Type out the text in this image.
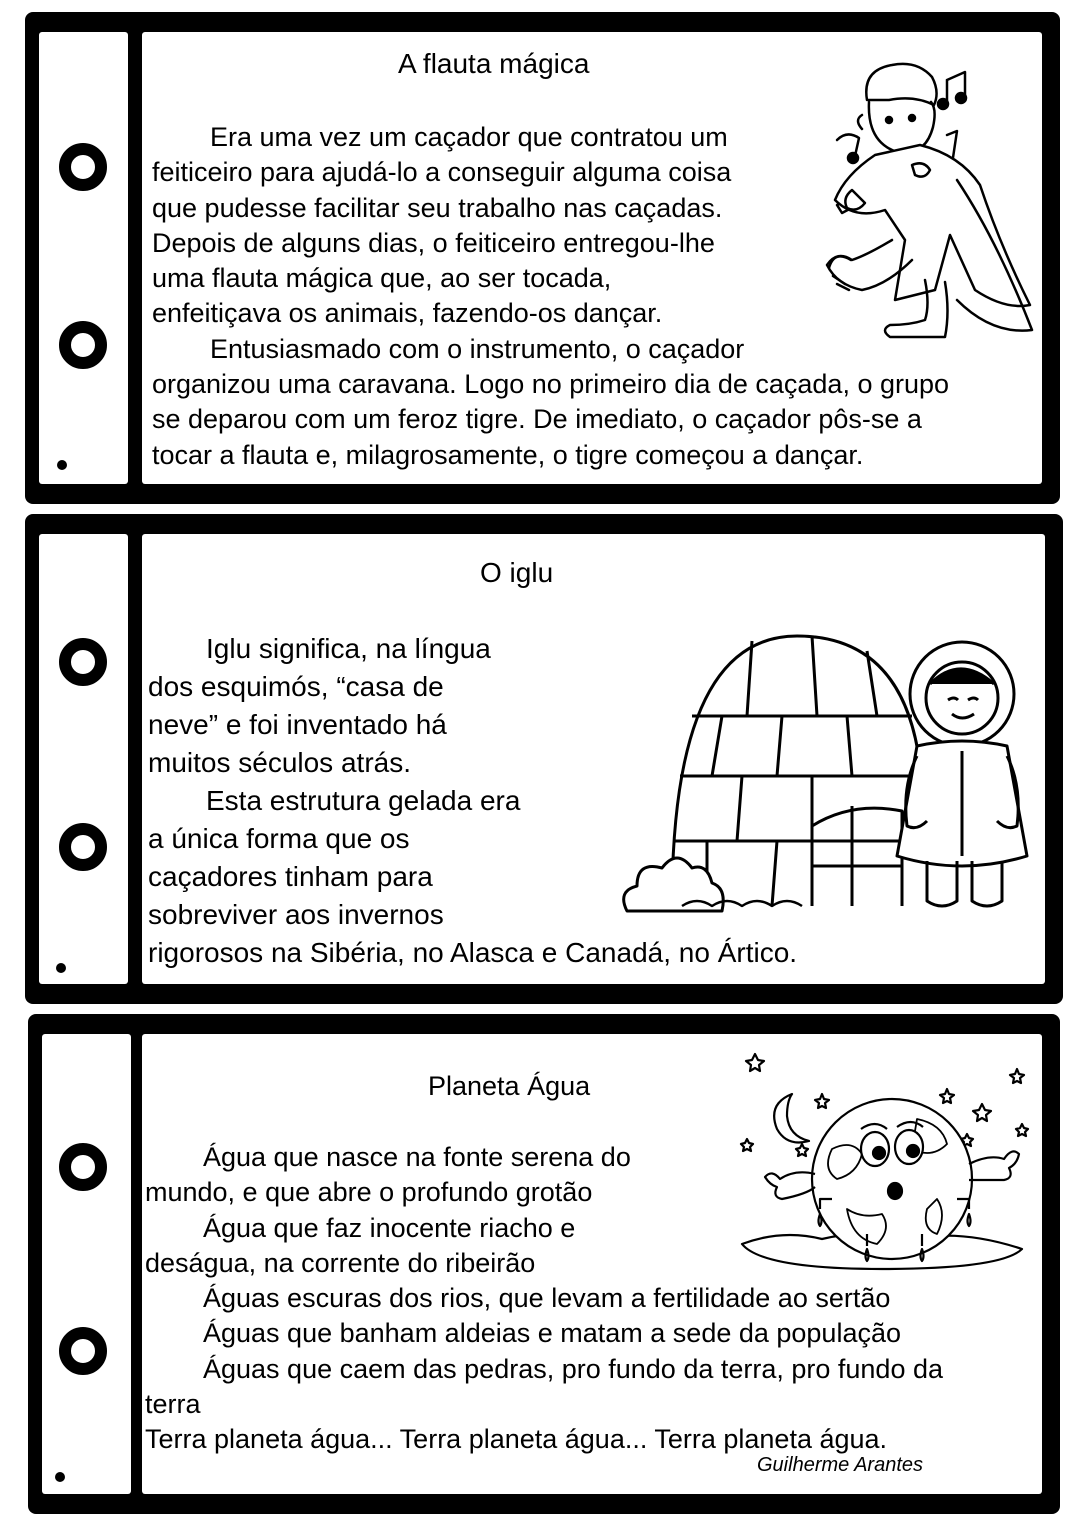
A flauta mágica
Era uma vez um caçador que contratou um
feiticeiro para ajudá-lo a conseguir alguma coisa
que pudesse facilitar seu trabalho nas caçadas.
Depois de alguns dias, o feiticeiro entregou-lhe
uma flauta mágica que, ao ser tocada,
enfeitiçava os animais, fazendo-os dançar.
Entusiasmado com o instrumento, o caçador
organizou uma caravana. Logo no primeiro dia de caçada, o grupo
se deparou com um feroz tigre. De imediato, o caçador pôs-se a
tocar a flauta e, milagrosamente, o tigre começou a dançar.
O iglu
Iglu significa, na língua
dos esquimós, “casa de
neve” e foi inventado há
muitos séculos atrás.
Esta estrutura gelada era
a única forma que os
caçadores tinham para
sobreviver aos invernos
rigorosos na Sibéria, no Alasca e Canadá, no Ártico.
Planeta Água
Água que nasce na fonte serena do
mundo, e que abre o profundo grotão
Água que faz inocente riacho e
deságua, na corrente do ribeirão
Águas escuras dos rios, que levam a fertilidade ao sertão
Águas que banham aldeias e matam a sede da população
Águas que caem das pedras, pro fundo da terra, pro fundo da
terra
Terra planeta água... Terra planeta água... Terra planeta água.
Guilherme Arantes
